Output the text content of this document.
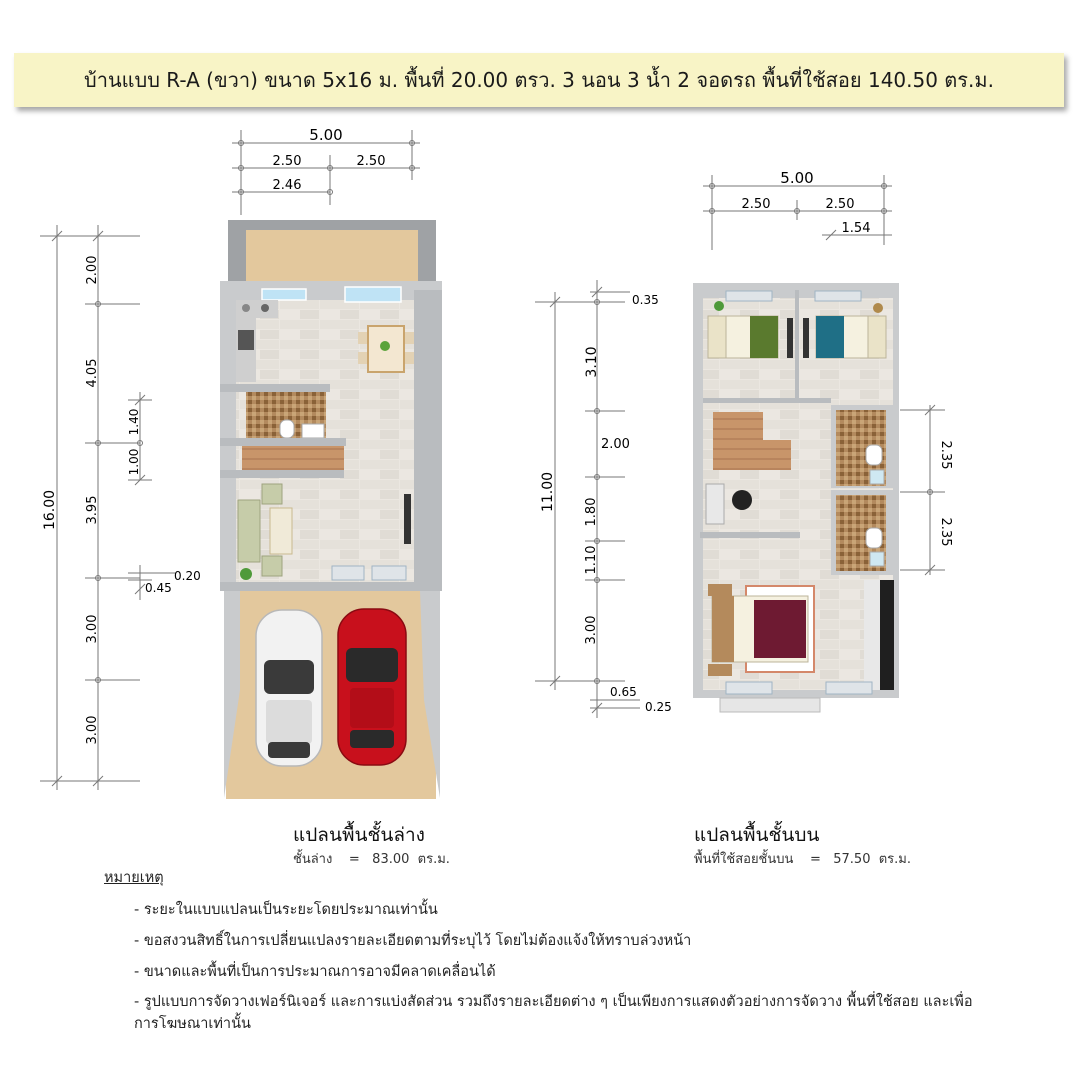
บ้านแบบ R-A (ขวา) ขนาด 5x16 ม. พื้นที่ 20.00 ตรว. 3 นอน 3 น้ำ 2 จอดรถ พื้นที่ใช้สอย 140.50 ตร.ม.
5.00
2.50	2.50
2.46
16.00
2.00
4.05
3.95
3.00
3.00
1.40
1.00
0.20
0.45
5.00
2.50	2.50
1.54
11.00
0.35
3.10
2.00
1.80
1.10
3.00
0.65
0.25
2.35
2.35
แปลนพื้นชั้นล่าง
ชั้นล่าง = 83.00 ตร.ม.
แปลนพื้นชั้นบน
พื้นที่ใช้สอยชั้นบน = 57.50 ตร.ม.
หมายเหตุ
- ระยะในแบบแปลนเป็นระยะโดยประมาณเท่านั้น
- ขอสงวนสิทธิ์ในการเปลี่ยนแปลงรายละเอียดตามที่ระบุไว้ โดยไม่ต้องแจ้งให้ทราบล่วงหน้า
- ขนาดและพื้นที่เป็นการประมาณการอาจมีคลาดเคลื่อนได้
- รูปแบบการจัดวางเฟอร์นิเจอร์ และการแบ่งสัดส่วน รวมถึงรายละเอียดต่าง ๆ เป็นเพียงการแสดงตัวอย่างการจัดวาง พื้นที่ใช้สอย และเพื่อการโฆษณาเท่านั้น
